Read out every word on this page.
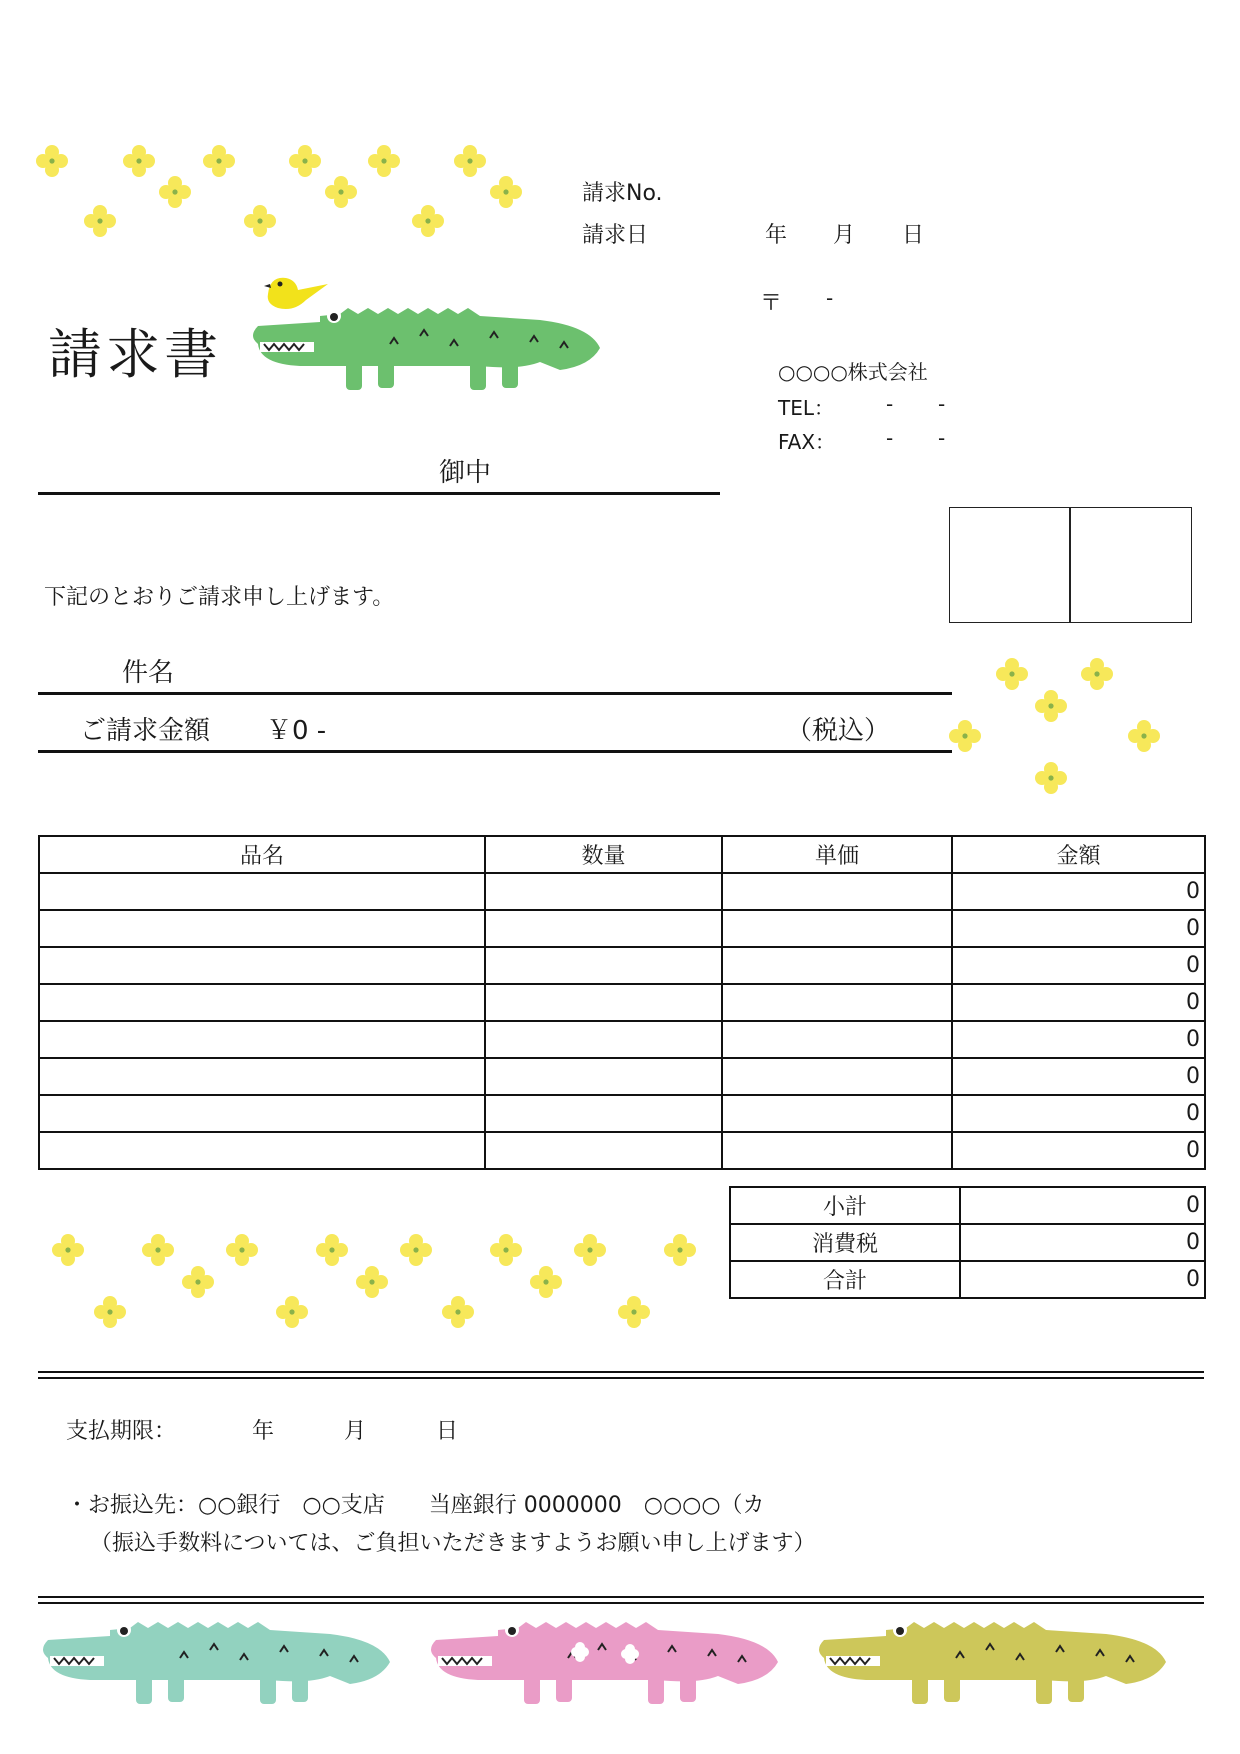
請求書
請求No.
請求日	年 月 日
〒 -
○○○○株式会社
TEL：	- -
FAX：	- -
御中
下記のとおりご請求申し上げます。
件名
ご請求金額 ￥0 -	（税込）
品名	数量	単価	金額
			0
			0
			0
			0
			0
			0
			0
			0
小計	0
消費税	0
合計	0
支払期限：	年	月	日
・お振込先：○○銀行　○○支店　　当座銀行 0000000　○○○○（カ
（振込手数料については、ご負担いただきますようお願い申し上げます）
